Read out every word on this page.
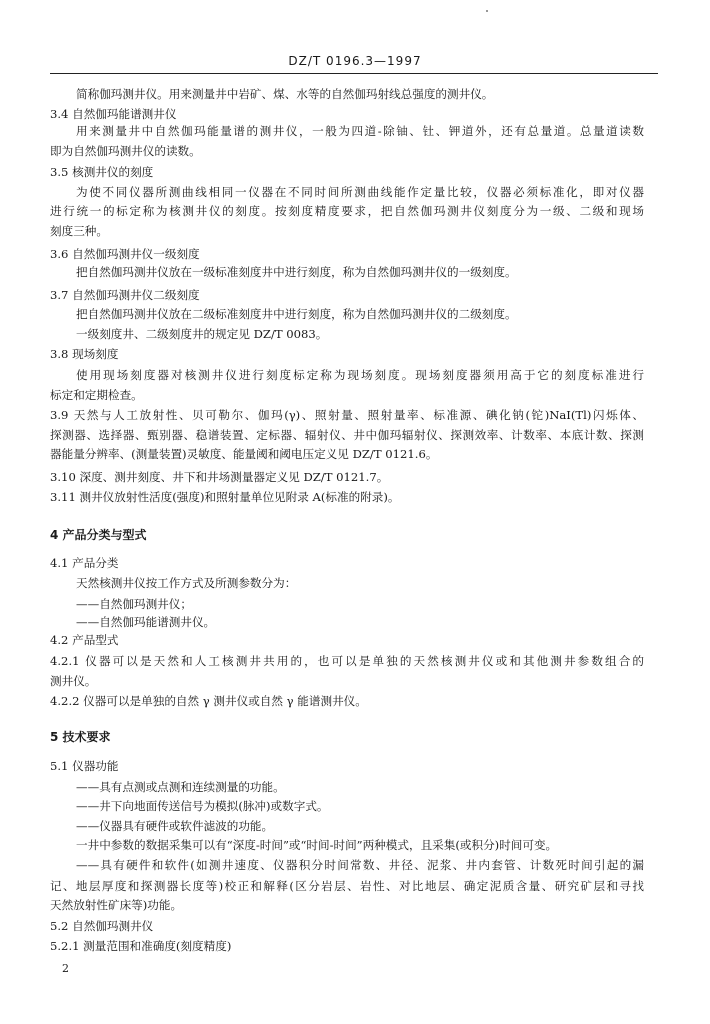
DZ/T 0196.3—1997
简称伽玛测井仪。用来测量井中岩矿、煤、水等的自然伽玛射线总强度的测井仪。
3.4 自然伽玛能谱测井仪
用来测量井中自然伽玛能量谱的测井仪，一般为四道-除铀、钍、钾道外，还有总量道。总量道读数
即为自然伽玛测井仪的读数。
3.5 核测井仪的刻度
为使不同仪器所测曲线相同一仪器在不同时间所测曲线能作定量比较，仪器必须标准化，即对仪器
进行统一的标定称为核测井仪的刻度。按刻度精度要求，把自然伽玛测井仪刻度分为一级、二级和现场
刻度三种。
3.6 自然伽玛测井仪一级刻度
把自然伽玛测井仪放在一级标准刻度井中进行刻度，称为自然伽玛测井仪的一级刻度。
3.7 自然伽玛测井仪二级刻度
把自然伽玛测井仪放在二级标准刻度井中进行刻度，称为自然伽玛测井仪的二级刻度。
一级刻度井、二级刻度井的规定见 DZ/T 0083。
3.8 现场刻度
使用现场刻度器对核测井仪进行刻度标定称为现场刻度。现场刻度器须用高于它的刻度标准进行
标定和定期检查。
3.9 天然与人工放射性、贝可勒尔、伽玛(γ)、照射量、照射量率、标准源、碘化钠(铊)NaI(Tl)闪烁体、
探测器、选择器、甄别器、稳谱装置、定标器、辐射仪、井中伽玛辐射仪、探测效率、计数率、本底计数、探测
器能量分辨率、(测量装置)灵敏度、能量阈和阈电压定义见 DZ/T 0121.6。
3.10 深度、测井刻度、井下和井场测量器定义见 DZ/T 0121.7。
3.11 测井仪放射性活度(强度)和照射量单位见附录 A(标准的附录)。
4 产品分类与型式
4.1 产品分类
天然核测井仪按工作方式及所测参数分为：
——自然伽玛测井仪；
——自然伽玛能谱测井仪。
4.2 产品型式
4.2.1 仪器可以是天然和人工核测井共用的，也可以是单独的天然核测井仪或和其他测井参数组合的
测井仪。
4.2.2 仪器可以是单独的自然 γ 测井仪或自然 γ 能谱测井仪。
5 技术要求
5.1 仪器功能
——具有点测或点测和连续测量的功能。
——井下向地面传送信号为模拟(脉冲)或数字式。
——仪器具有硬件或软件滤波的功能。
一井中参数的数据采集可以有“深度-时间”或“时间-时间”两种模式，且采集(或积分)时间可变。
——具有硬件和软件(如测井速度、仪器积分时间常数、井径、泥浆、井内套管、计数死时间引起的漏
记、地层厚度和探测器长度等)校正和解释(区分岩层、岩性、对比地层、确定泥质含量、研究矿层和寻找
天然放射性矿床等)功能。
5.2 自然伽玛测井仪
5.2.1 测量范围和准确度(刻度精度)
2
